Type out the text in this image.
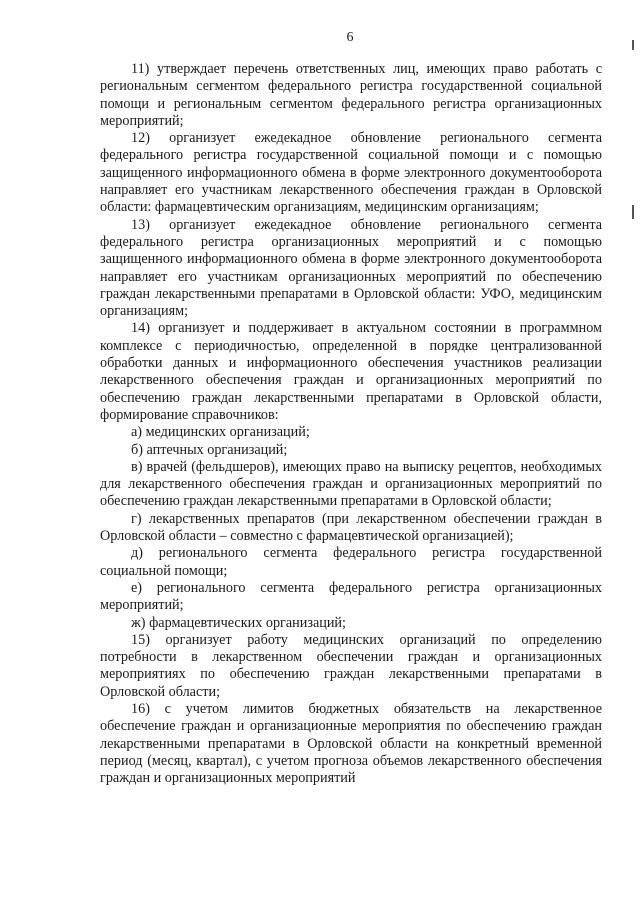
6

11) утверждает перечень ответственных лиц, имеющих право работать с региональным сегментом федерального регистра государственной социальной помощи и региональным сегментом федерального регистра организационных мероприятий;

12) организует ежедекадное обновление регионального сегмента федерального регистра государственной социальной помощи и с помощью защищенного информационного обмена в форме электронного документооборота направляет его участникам лекарственного обеспечения граждан в Орловской области: фармацевтическим организациям, медицинским организациям;

13) организует ежедекадное обновление регионального сегмента федерального регистра организационных мероприятий и с помощью защищенного информационного обмена в форме электронного документооборота направляет его участникам организационных мероприятий по обеспечению граждан лекарственными препаратами в Орловской области: УФО, медицинским организациям;

14) организует и поддерживает в актуальном состоянии в программном комплексе с периодичностью, определенной в порядке централизованной обработки данных и информационного обеспечения участников реализации лекарственного обеспечения граждан и организационных мероприятий по обеспечению граждан лекарственными препаратами в Орловской области, формирование справочников:

а) медицинских организаций;

б) аптечных организаций;

в) врачей (фельдшеров), имеющих право на выписку рецептов, необходимых для лекарственного обеспечения граждан и организационных мероприятий по обеспечению граждан лекарственными препаратами в Орловской области;

г) лекарственных препаратов (при лекарственном обеспечении граждан в Орловской области – совместно с фармацевтической организацией);

д) регионального сегмента федерального регистра государственной социальной помощи;

е) регионального сегмента федерального регистра организационных мероприятий;

ж) фармацевтических организаций;

15) организует работу медицинских организаций по определению потребности в лекарственном обеспечении граждан и организационных мероприятиях по обеспечению граждан лекарственными препаратами в Орловской области;

16) с учетом лимитов бюджетных обязательств на лекарственное обеспечение граждан и организационные мероприятия по обеспечению граждан лекарственными препаратами в Орловской области на конкретный временной период (месяц, квартал), с учетом прогноза объемов лекарственного обеспечения граждан и организационных мероприятий
